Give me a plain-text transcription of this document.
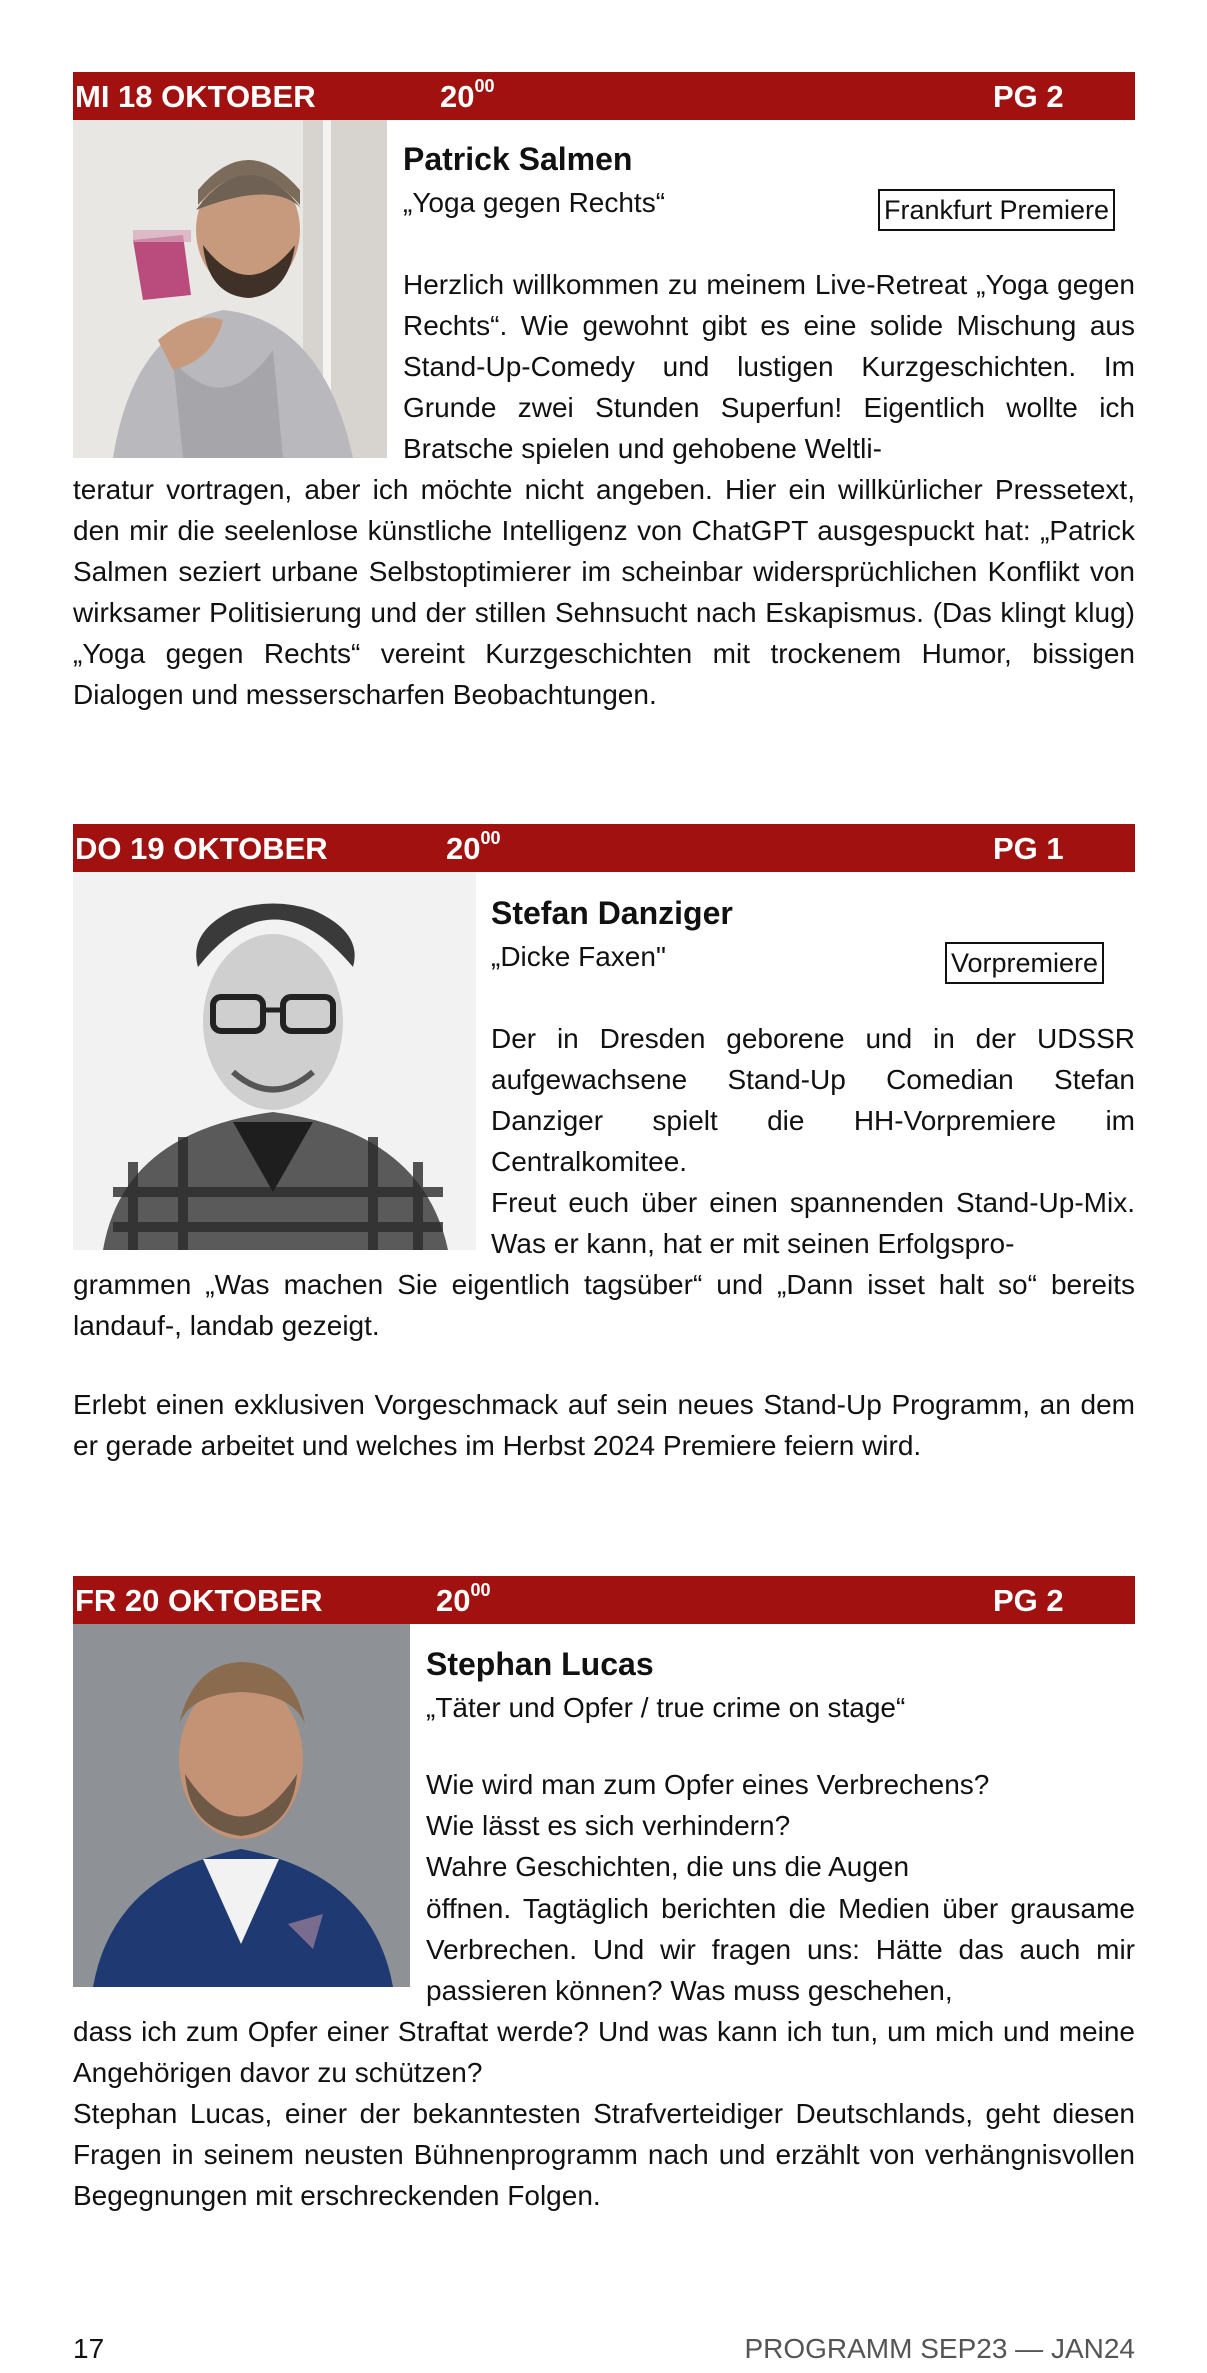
MI 18 OKTOBER	$20^{00}$	PG 2
Patrick Salmen
„Yoga gegen Rechts“	Frankfurt Premiere
Herzlich willkommen zu meinem Live-Retreat „Yoga gegen Rechts“. Wie gewohnt gibt es eine solide Mischung aus Stand-Up-Comedy und lustigen Kurzgeschichten. Im Grunde zwei Stunden Superfun! Eigentlich wollte ich Bratsche spielen und gehobene Weltli-
teratur vortragen, aber ich möchte nicht angeben. Hier ein willkürlicher Pressetext, den mir die seelenlose künstliche Intelligenz von ChatGPT ausgespuckt hat: „Patrick Salmen seziert urbane Selbstoptimierer im scheinbar widersprüchlichen Konflikt von wirksamer Politisierung und der stillen Sehnsucht nach Eskapismus. (Das klingt klug) „Yoga gegen Rechts“ vereint Kurzgeschichten mit trockenem Humor, bissigen Dialogen und messerscharfen Beobachtungen.
DO 19 OKTOBER	$20^{00}$	PG 1
Stefan Danziger
„Dicke Faxen"	Vorpremiere
Der in Dresden geborene und in der UDSSR aufgewachsene Stand-Up Comedian Stefan Danziger spielt die HH-Vorpremiere im Centralkomitee.
Freut euch über einen spannenden Stand-Up-Mix. Was er kann, hat er mit seinen Erfolgspro-
grammen „Was machen Sie eigentlich tagsüber“ und „Dann isset halt so“ bereits landauf-, landab gezeigt.
Erlebt einen exklusiven Vorgeschmack auf sein neues Stand-Up Programm, an dem er gerade arbeitet und welches im Herbst 2024 Premiere feiern wird.
FR 20 OKTOBER	$20^{00}$	PG 2
Stephan Lucas
„Täter und Opfer / true crime on stage“
Wie wird man zum Opfer eines Verbrechens?
Wie lässt es sich verhindern?
Wahre Geschichten, die uns die Augen
öffnen. Tagtäglich berichten die Medien über grausame Verbrechen. Und wir fragen uns: Hätte das auch mir passieren können? Was muss geschehen,
dass ich zum Opfer einer Straftat werde? Und was kann ich tun, um mich und meine Angehörigen davor zu schützen?
Stephan Lucas, einer der bekanntesten Strafverteidiger Deutschlands, geht diesen Fragen in seinem neusten Bühnenprogramm nach und erzählt von verhängnisvollen Begegnungen mit erschreckenden Folgen.
17	PROGRAMM SEP23 — JAN24
